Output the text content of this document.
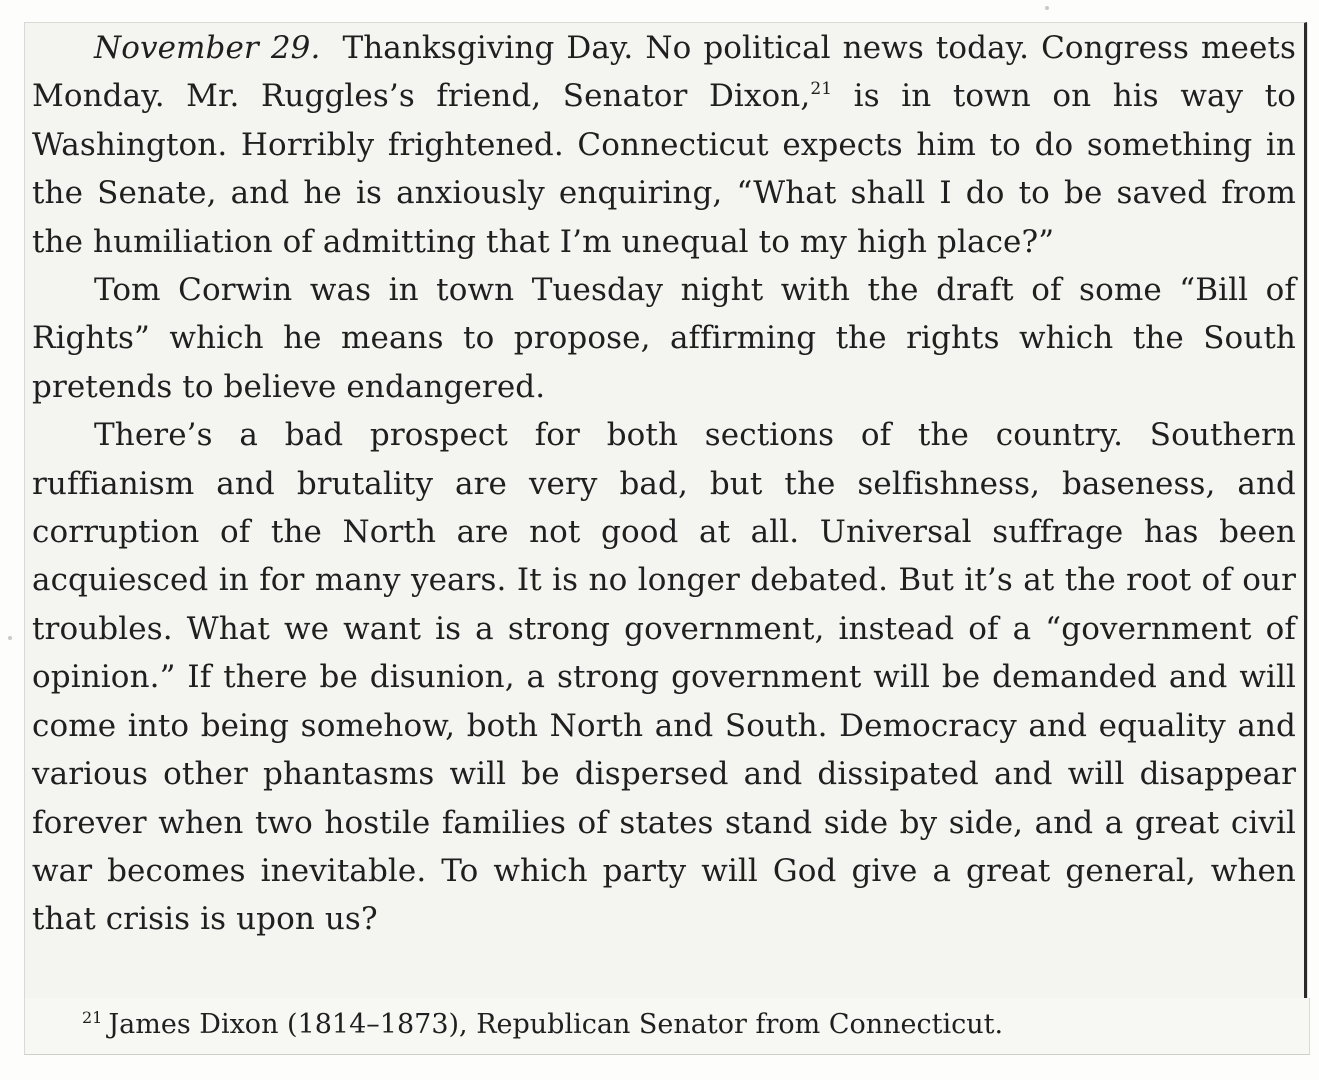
November 29. Thanksgiving Day. No political news today. Congress meets Monday. Mr. Ruggles’s friend, Senator Dixon,$^{21}$ is in town on his way to Washington. Horribly frightened. Connecticut expects him to do something in the Senate, and he is anxiously enquiring, “What shall I do to be saved from the humiliation of admitting that I’m unequal to my high place?”

Tom Corwin was in town Tuesday night with the draft of some “Bill of Rights” which he means to propose, affirming the rights which the South pretends to believe endangered.

There’s a bad prospect for both sections of the country. Southern ruffianism and brutality are very bad, but the selfishness, baseness, and corruption of the North are not good at all. Universal suffrage has been acquiesced in for many years. It is no longer debated. But it’s at the root of our troubles. What we want is a strong government, instead of a “government of opinion.” If there be disunion, a strong government will be demanded and will come into being somehow, both North and South. Democracy and equality and various other phantasms will be dispersed and dissipated and will disappear forever when two hostile families of states stand side by side, and a great civil war becomes inevitable. To which party will God give a great general, when that crisis is upon us?

$^{21}$ James Dixon (1814–1873), Republican Senator from Connecticut.
